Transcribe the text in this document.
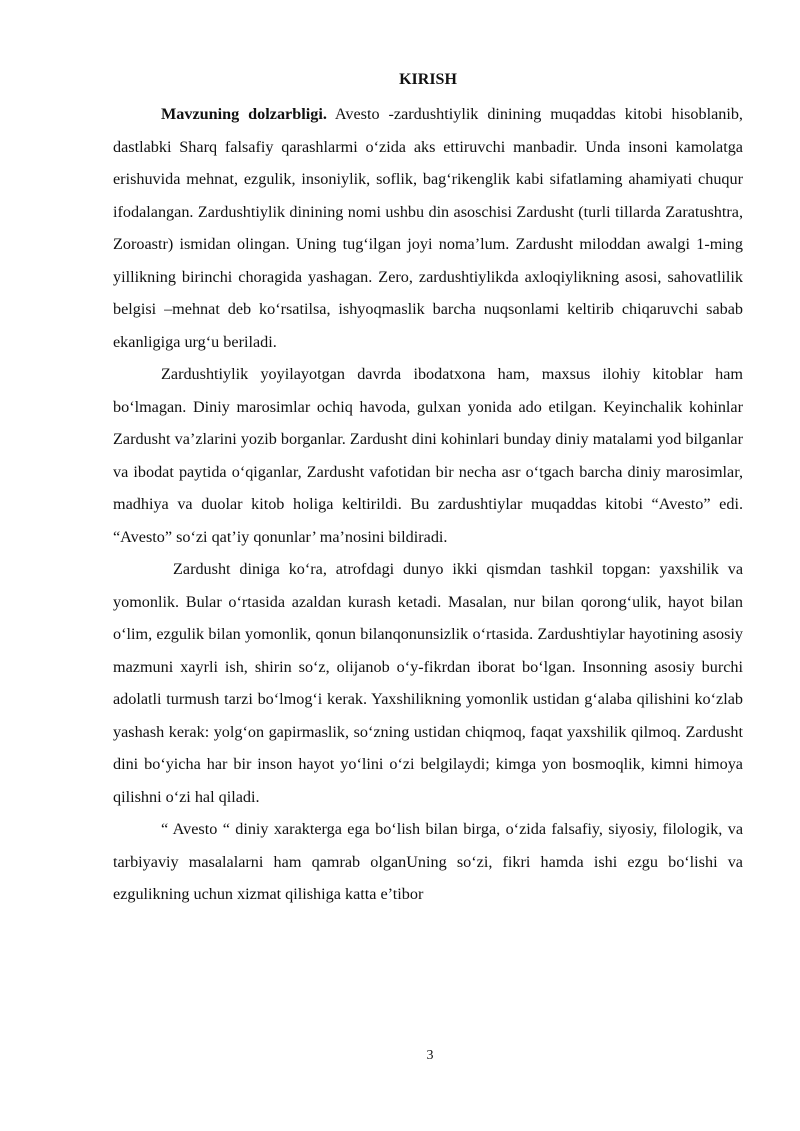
KIRISH

Mavzuning dolzarbligi. Avesto -zardushtiylik dinining muqaddas kitobi hisoblanib, dastlabki Sharq falsafiy qarashlarmi o‘zida aks ettiruvchi manbadir. Unda insoni kamolatga erishuvida mehnat, ezgulik, insoniylik, soflik, bag‘rikenglik kabi sifatlaming ahamiyati chuqur ifodalangan. Zardushtiylik dinining nomi ushbu din asoschisi Zardusht (turli tillarda Zaratushtra, Zoroastr) ismidan olingan. Uning tug‘ilgan joyi noma’lum. Zardusht miloddan awalgi 1-ming yillikning birinchi choragida yashagan. Zero, zardushtiylikda axloqiylikning asosi, sahovatlilik belgisi –mehnat deb ko‘rsatilsa, ishyoqmaslik barcha nuqsonlami keltirib chiqaruvchi sabab ekanligiga urg‘u beriladi.

Zardushtiylik yoyilayotgan davrda ibodatxona ham, maxsus ilohiy kitoblar ham bo‘lmagan. Diniy marosimlar ochiq havoda, gulxan yonida ado etilgan. Keyinchalik kohinlar Zardusht va’zlarini yozib borganlar. Zardusht dini kohinlari bunday diniy matalami yod bilganlar va ibodat paytida o‘qiganlar, Zardusht vafotidan bir necha asr o‘tgach barcha diniy marosimlar, madhiya va duolar kitob holiga keltirildi. Bu zardushtiylar muqaddas kitobi “Avesto” edi. “Avesto” so‘zi qat’iy qonunlar’ ma’nosini bildiradi.

Zardusht diniga ko‘ra, atrofdagi dunyo ikki qismdan tashkil topgan: yaxshilik va yomonlik. Bular o‘rtasida azaldan kurash ketadi. Masalan, nur bilan qorong‘ulik, hayot bilan o‘lim, ezgulik bilan yomonlik, qonun bilanqonunsizlik o‘rtasida. Zardushtiylar hayotining asosiy mazmuni xayrli ish, shirin so‘z, olijanob o‘y-fikrdan iborat bo‘lgan. Insonning asosiy burchi adolatli turmush tarzi bo‘lmog‘i kerak. Yaxshilikning yomonlik ustidan g‘alaba qilishini ko‘zlab yashash kerak: yolg‘on gapirmaslik, so‘zning ustidan chiqmoq, faqat yaxshilik qilmoq. Zardusht dini bo‘yicha har bir inson hayot yo‘lini o‘zi belgilaydi; kimga yon bosmoqlik, kimni himoya qilishni o‘zi hal qiladi.

“ Avesto “ diniy xarakterga ega bo‘lish bilan birga, o‘zida falsafiy, siyosiy, filologik, va tarbiyaviy masalalarni ham qamrab olganUning so‘zi, fikri hamda ishi ezgu bo‘lishi va ezgulikning uchun xizmat qilishiga katta e’tibor

3
